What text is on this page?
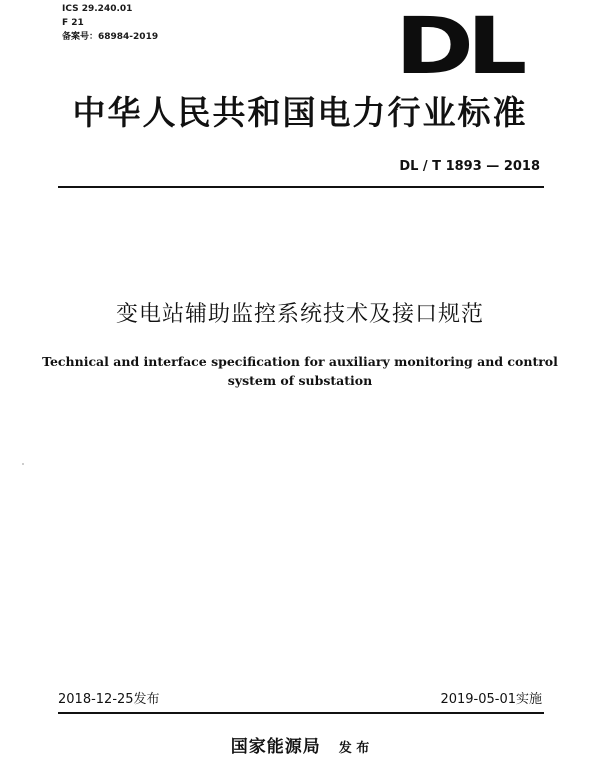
ICS 29.240.01
F 21
备案号：68984-2019	DL
中华人民共和国电力行业标准
DL / T 1893 — 2018
变电站辅助监控系统技术及接口规范
Technical and interface specification for auxiliary monitoring and control
system of substation
2018-12-25发布	2019-05-01实施
国家能源局 发 布
